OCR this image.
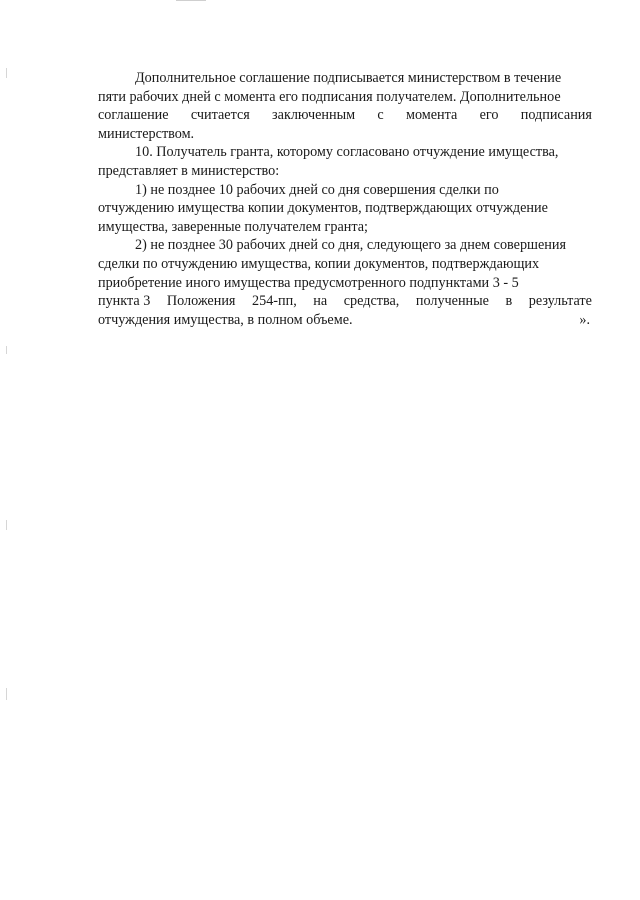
Дополнительное соглашение подписывается министерством в течение
пяти рабочих дней с момента его подписания получателем. Дополнительное
соглашение считается заключенным с момента его подписания
министерством.
10. Получатель гранта, которому согласовано отчуждение имущества,
представляет в министерство:
1) не позднее 10 рабочих дней со дня совершения сделки по
отчуждению имущества копии документов, подтверждающих отчуждение
имущества, заверенные получателем гранта;
2) не позднее 30 рабочих дней со дня, следующего за днем совершения
сделки по отчуждению имущества, копии документов, подтверждающих
приобретение иного имущества предусмотренного подпунктами 3 - 5
пункта 3 Положения 254-пп, на средства, полученные в результате
отчуждения имущества, в полном объеме.	».
